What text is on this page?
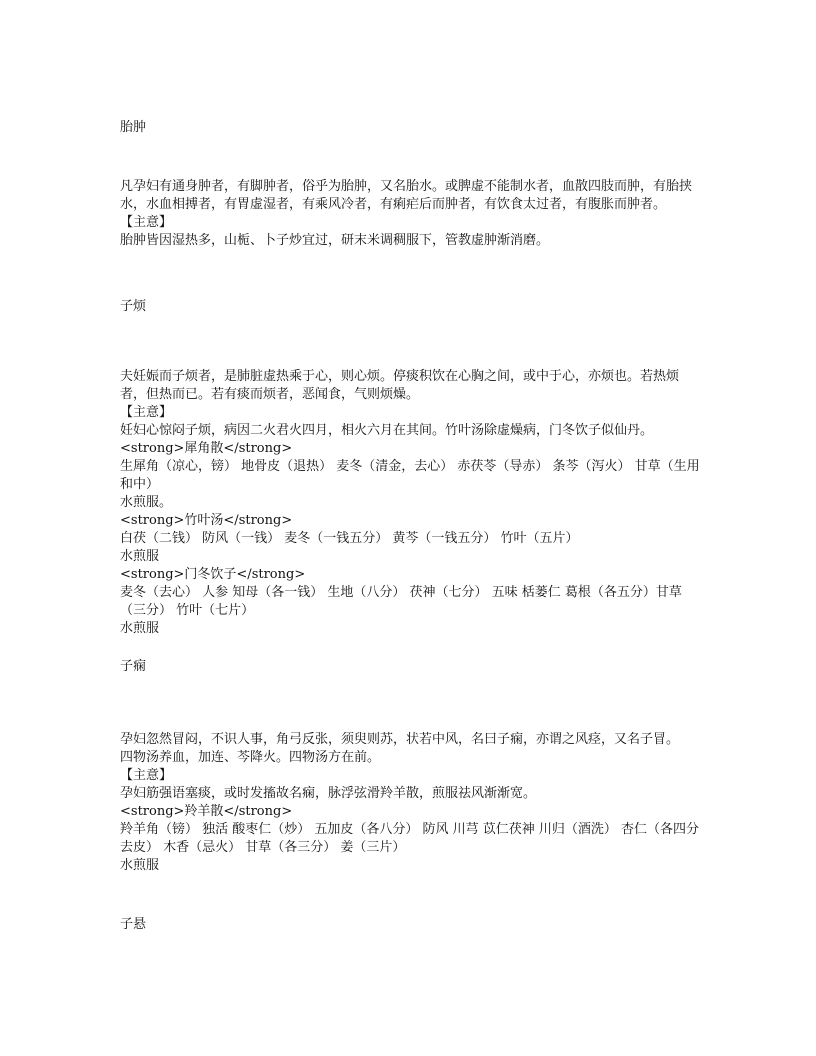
胎肿
凡孕妇有通身肿者，有脚肿者，俗乎为胎肿，又名胎水。或脾虚不能制水者，血散四肢而肿，有胎挟水，水血相搏者，有胃虚湿者，有乘风冷者，有痢疟后而肿者，有饮食太过者，有腹胀而肿者。
【主意】
胎肿皆因湿热多，山栀、卜子炒宜过，研末米调稠服下，管教虚肿渐消磨。
子烦
夫妊娠而子烦者，是肺脏虚热乘于心，则心烦。停痰积饮在心胸之间，或中于心，亦烦也。若热烦者，但热而已。若有痰而烦者，恶闻食，气则烦燥。
【主意】
妊妇心惊闷子烦，病因二火君火四月，相火六月在其间。竹叶汤除虚燥病，门冬饮子似仙丹。
<strong>犀角散</strong>
生犀角（凉心，镑） 地骨皮（退热） 麦冬（清金，去心） 赤茯苓（导赤） 条芩（泻火） 甘草（生用和中）
水煎服。
<strong>竹叶汤</strong>
白茯（二钱） 防风（一钱） 麦冬（一钱五分） 黄芩（一钱五分） 竹叶（五片）
水煎服
<strong>门冬饮子</strong>
麦冬（去心） 人参 知母（各一钱） 生地（八分） 茯神（七分） 五味 栝蒌仁 葛根（各五分）甘草（三分） 竹叶（七片）
水煎服
子痫
孕妇忽然冒闷，不识人事，角弓反张，须臾则苏，状若中风，名曰子痫，亦谓之风痉，又名子冒。
四物汤养血，加连、芩降火。四物汤方在前。
【主意】
孕妇筋强语塞痰，或时发搐故名痫，脉浮弦滑羚羊散，煎服祛风渐渐宽。
<strong>羚羊散</strong>
羚羊角（镑） 独活 酸枣仁（炒） 五加皮（各八分） 防风 川芎 苡仁茯神 川归（酒洗） 杏仁（各四分去皮） 木香（忌火） 甘草（各三分） 姜（三片）
水煎服
子悬
